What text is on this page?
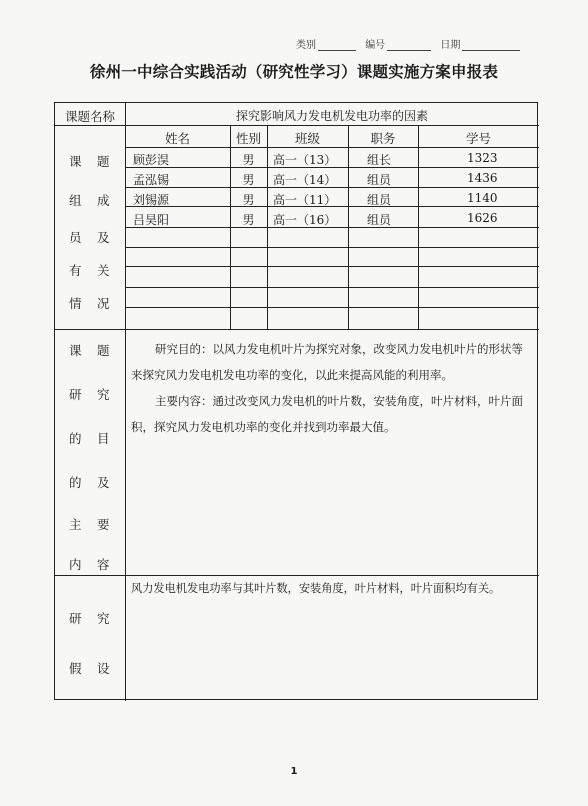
类别	编号	日期
徐州一中综合实践活动（研究性学习）课题实施方案申报表
课题名称	探究影响风力发电机发电功率的因素
姓名	性别	班级	职务	学号
顾彭淏	男	高一（13）	组长	1323
孟泓锡	男	高一（14）	组员	1436
刘锡源	男	高一（11）	组员	1140
吕昊阳	男	高一（16）	组员	1626
课 题
组 成
员 及
有 关
情 况
课 题
研 究
的 目
的 及
主 要
内 容
研究目的：以风力发电机叶片为探究对象，改变风力发电机叶片的形状等来探究风力发电机发电功率的变化，以此来提高风能的利用率。
主要内容：通过改变风力发电机的叶片数，安装角度，叶片材料，叶片面积，探究风力发电机功率的变化并找到功率最大值。
研 究
假 设
风力发电机发电功率与其叶片数，安装角度，叶片材料，叶片面积均有关。
1
